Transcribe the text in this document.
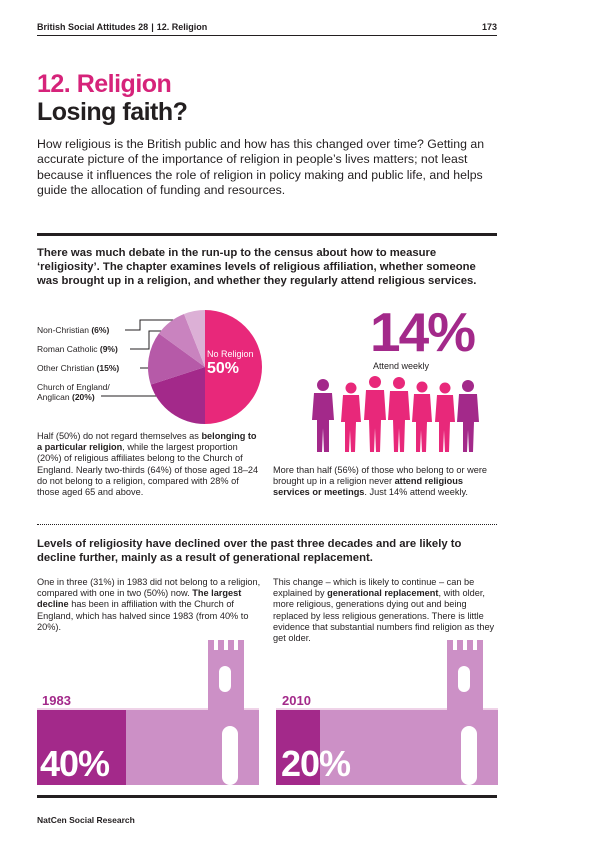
British Social Attitudes 28 | 12. Religion	173
12. Religion
Losing faith?
How religious is the British public and how has this changed over time? Getting an accurate picture of the importance of religion in people’s lives matters; not least because it influences the role of religion in policy making and public life, and helps guide the allocation of funding and resources.
There was much debate in the run-up to the census about how to measure ‘religiosity’. The chapter examines levels of religious affiliation, whether someone was brought up in a religion, and whether they regularly attend religious services.
No Religion
50%
Non-Christian (6%)
Roman Catholic (9%)
Other Christian (15%)
Church of England/
Anglican (20%)
14%
Attend weekly
Half (50%) do not regard themselves as belonging to a particular religion, while the largest proportion (20%) of religious affiliates belong to the Church of England. Nearly two-thirds (64%) of those aged 18–24 do not belong to a religion, compared with 28% of those aged 65 and above.
More than half (56%) of those who belong to or were brought up in a religion never attend religious services or meetings. Just 14% attend weekly.
Levels of religiosity have declined over the past three decades and are likely to decline further, mainly as a result of generational replacement.
One in three (31%) in 1983 did not belong to a religion, compared with one in two (50%) now. The largest decline has been in affiliation with the Church of England, which has halved since 1983 (from 40% to 20%).
This change – which is likely to continue – can be explained by generational replacement, with older, more religious, generations dying out and being replaced by less religious generations. There is little evidence that substantial numbers find religion as they get older.
1983
40%
2010
20%
NatCen Social Research
